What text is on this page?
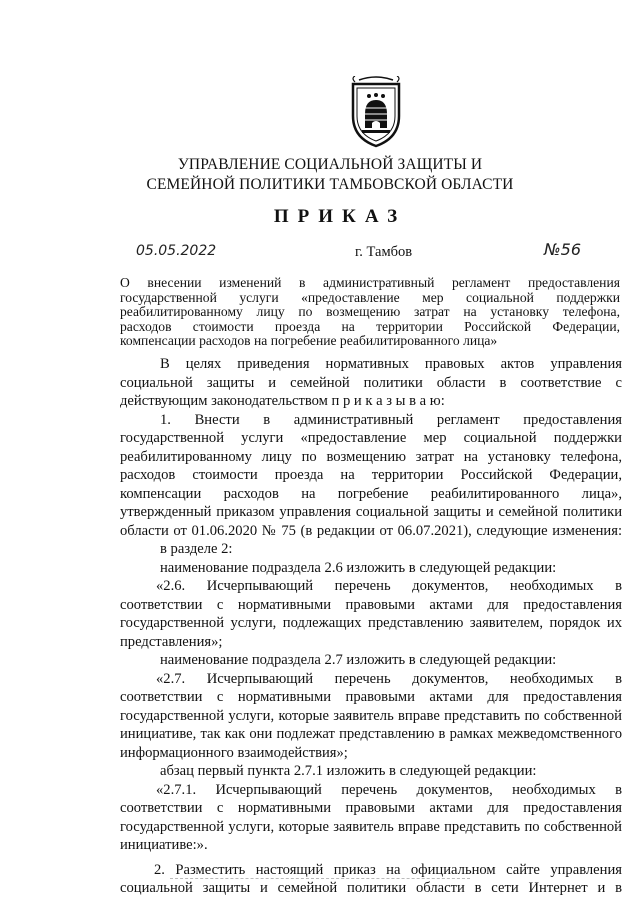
УПРАВЛЕНИЕ СОЦИАЛЬНОЙ ЗАЩИТЫ И
СЕМЕЙНОЙ ПОЛИТИКИ ТАМБОВСКОЙ ОБЛАСТИ
ПРИКАЗ
05.05.2022	г. Тамбов	№56
О внесении изменений в административный регламент предоставления
государственной услуги «предоставление мер социальной поддержки
реабилитированному лицу по возмещению затрат на установку телефона,
расходов стоимости проезда на территории Российской Федерации,
компенсации расходов на погребение реабилитированного лица»

В целях приведения нормативных правовых актов управления

социальной защиты и семейной политики области в соответствие с

действующим законодательством п р и к а з ы в а ю:

1. Внести в административный регламент предоставления

государственной услуги «предоставление мер социальной поддержки

реабилитированному лицу по возмещению затрат на установку телефона,

расходов стоимости проезда на территории Российской Федерации,

компенсации расходов на погребение реабилитированного лица»,

утвержденный приказом управления социальной защиты и семейной политики

области от 01.06.2020 № 75 (в редакции от 06.07.2021), следующие изменения:

в разделе 2:

наименование подраздела 2.6 изложить в следующей редакции:

«2.6. Исчерпывающий перечень документов, необходимых в

соответствии с нормативными правовыми актами для предоставления

государственной услуги, подлежащих представлению заявителем, порядок их

представления»;

наименование подраздела 2.7 изложить в следующей редакции:

«2.7. Исчерпывающий перечень документов, необходимых в

соответствии с нормативными правовыми актами для предоставления

государственной услуги, которые заявитель вправе представить по собственной

инициативе, так как они подлежат представлению в рамках межведомственного

информационного взаимодействия»;

абзац первый пункта 2.7.1 изложить в следующей редакции:

«2.7.1. Исчерпывающий перечень документов, необходимых в

соответствии с нормативными правовыми актами для предоставления

государственной услуги, которые заявитель вправе представить по собственной

инициативе:».

2. Разместить настоящий приказ на официальном сайте управления

социальной защиты и семейной политики области в сети Интернет и в
